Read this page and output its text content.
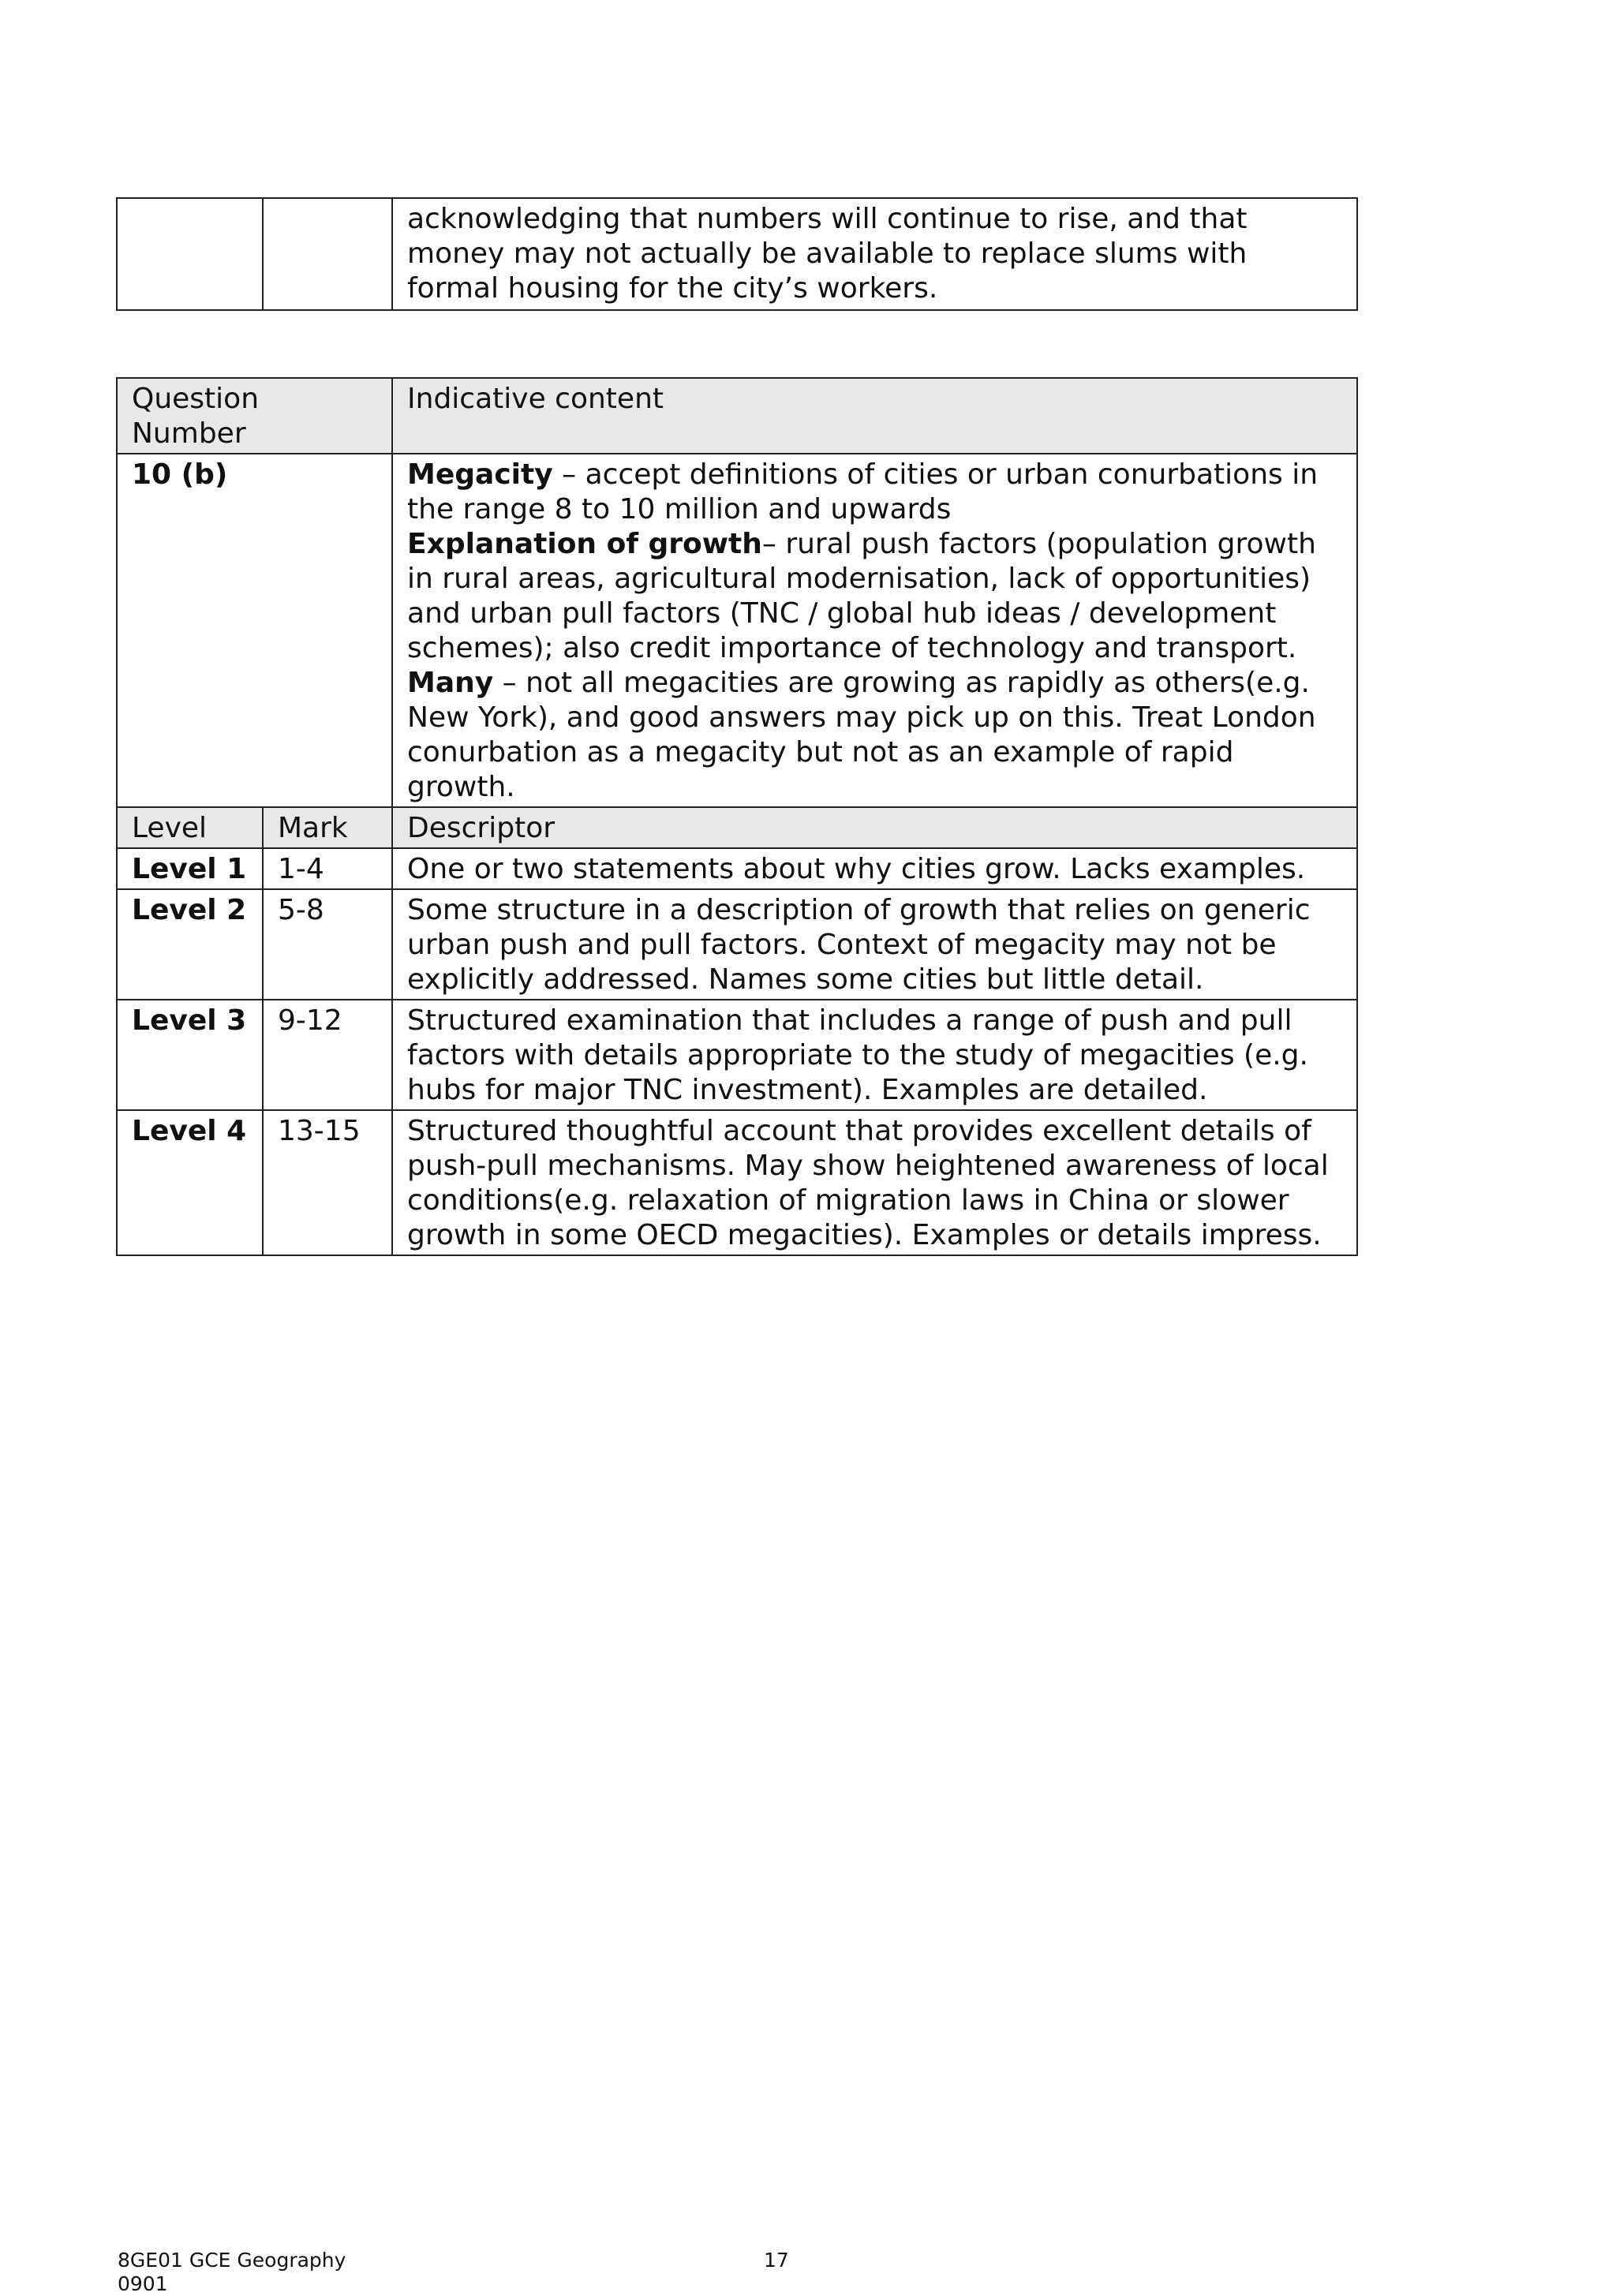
		acknowledging that numbers will continue to rise, and that money may not actually be available to replace slums with formal housing for the city’s workers.
Question Number		Indicative content
10 (b)		Megacity – accept definitions of cities or urban conurbations in the range 8 to 10 million and upwards
Explanation of growth– rural push factors (population growth in rural areas, agricultural modernisation, lack of opportunities) and urban pull factors (TNC / global hub ideas / development schemes); also credit importance of technology and transport.
Many – not all megacities are growing as rapidly as others(e.g. New York), and good answers may pick up on this. Treat London conurbation as a megacity but not as an example of rapid growth.

Level	Mark	Descriptor
Level 1	1-4	One or two statements about why cities grow. Lacks examples.
Level 2	5-8	Some structure in a description of growth that relies on generic urban push and pull factors. Context of megacity may not be explicitly addressed. Names some cities but little detail.
Level 3	9-12	Structured examination that includes a range of push and pull factors with details appropriate to the study of megacities (e.g. hubs for major TNC investment). Examples are detailed.
Level 4	13-15	Structured thoughtful account that provides excellent details of push-pull mechanisms. May show heightened awareness of local conditions(e.g. relaxation of migration laws in China or slower growth in some OECD megacities). Examples or details impress.
8GE01 GCE Geography
0901
17
